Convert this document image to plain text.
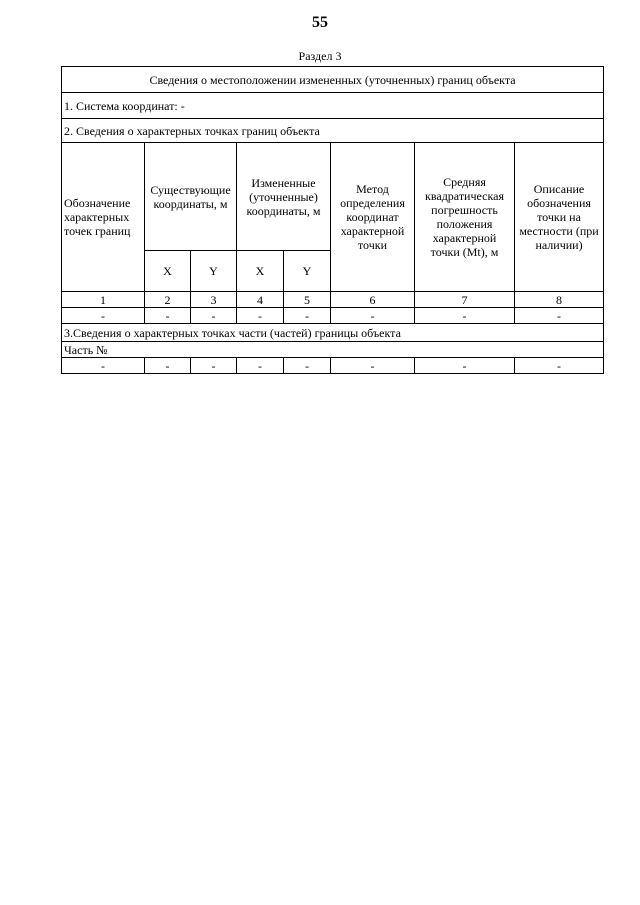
55
Раздел 3
Сведения о местоположении измененных (уточненных) границ объекта							
1. Система координат: -							
2. Сведения о характерных точках границ объекта							
Обозначение характерных точек границ	Существующие координаты, м		Измененные (уточненные) координаты, м		Метод определения координат характерной точки	Средняя квадратическая погрешность положения характерной точки (Mt), м	Описание обозначения точки на местности (при наличии)
	X	Y	X	Y			
1	2	3	4	5	6	7	8
-	-	-	-	-	-	-	-
3.Сведения о характерных точках части (частей) границы объекта							
Часть №							
-	-	-	-	-	-	-	-
